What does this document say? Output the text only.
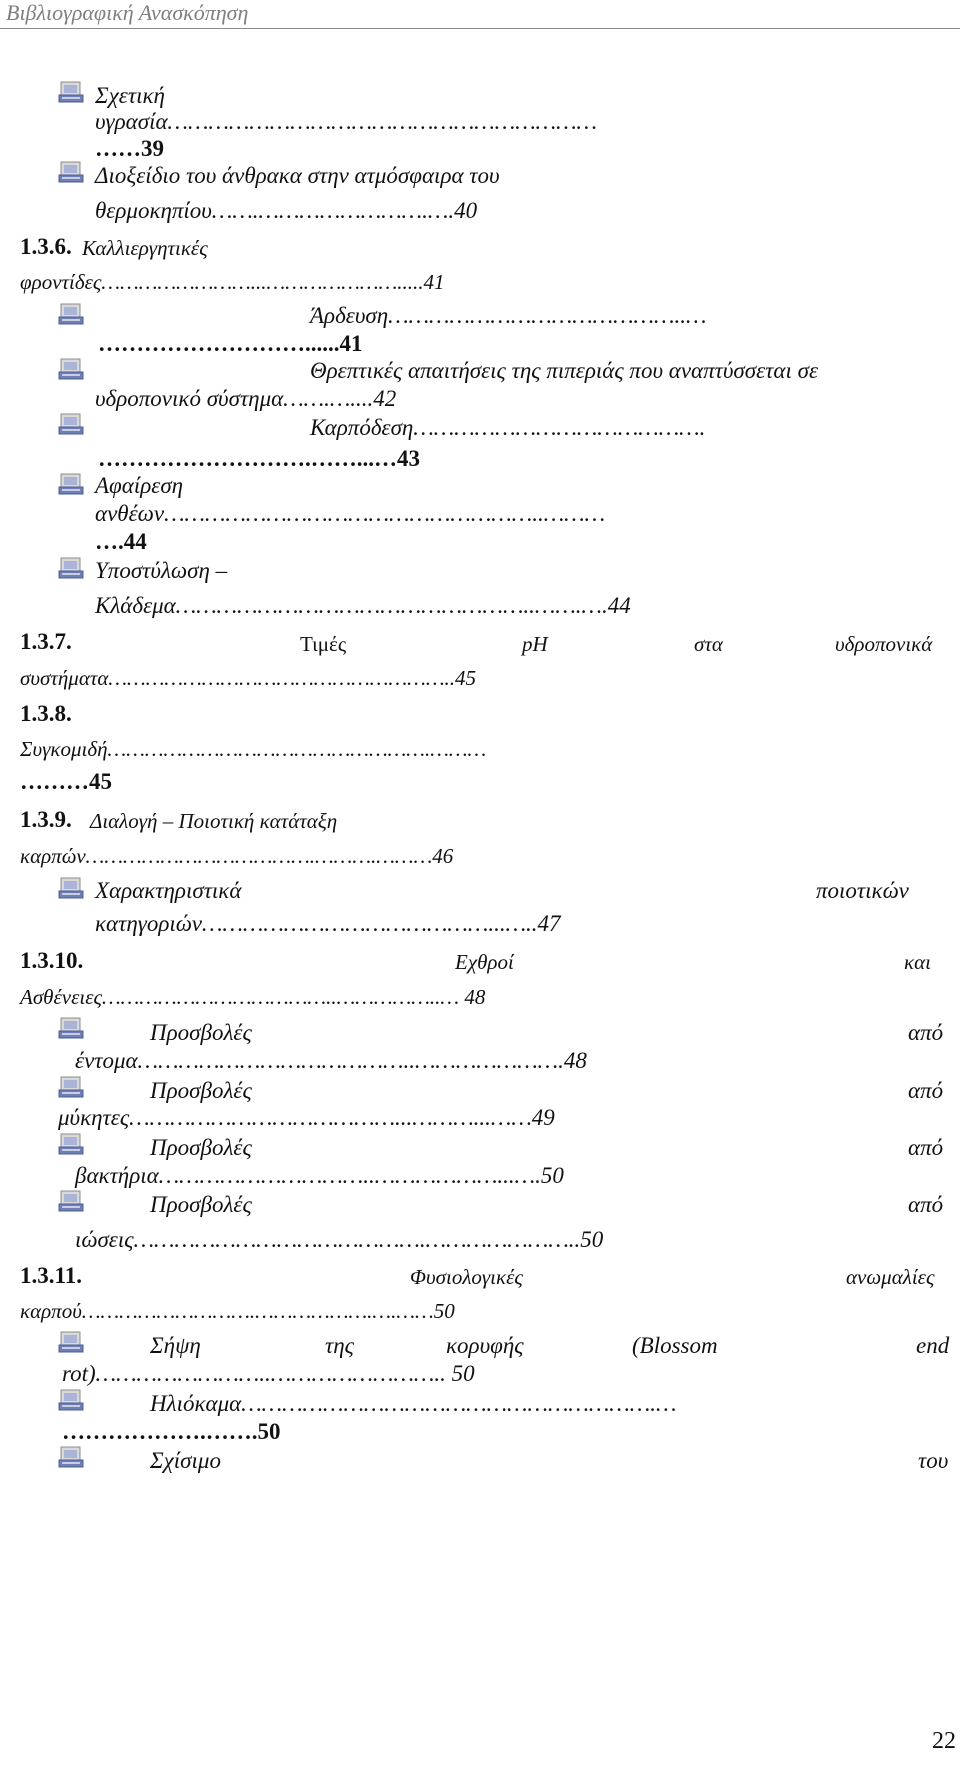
Βιβλιογραφική Ανασκόπηση
Σχετική
υγρασία………………………………………………………
……39
Διοξείδιο του άνθρακα στην ατμόσφαιρα του
θερμοκηπίου…….…………………….….40
1.3.6. Καλλιεργητικές
φροντίδες……………………...………………….....41
Άρδευση……………………………………..…
………………………......41
Θρεπτικές απαιτήσεις της πιπεριάς που αναπτύσσεται σε
υδροπονικό σύστημα…….…....42
Καρπόδεση…………………………………….
……………………….……...…43
Αφαίρεση
ανθέων………………………………………………..………
….44
Υποστύλωση –
Κλάδεμα……………………………………………..…….….44
1.3.7.	Τιμές	pH	στα	υδροπονικά
συστήματα………………………………………………..45
1.3.8.
Συγκομιδή…………………………………………….………
………45
1.3.9. Διαλογή – Ποιοτική κατάταξη
καρπών……………………………….……….………46
Χαρακτηριστικά	ποιοτικών
κατηγοριών……………………………………...…..47
1.3.10.	Εχθροί	και
Ασθένειες………………………………..……………..… 48
Προσβολές	από
έντομα…………………………………..………………….48
Προσβολές	από
μύκητες…………………………………...………...……49
Προσβολές	από
βακτήρια…………………………..………………...….50
Προσβολές	από
ιώσεις…………………………………….…………………..50
1.3.11.	Φυσιολογικές	ανωμαλίες
καρπού……………………….……………….….……50
Σήψη	της	κορυφής	(Blossom	end
rot)……………………..…………………….. 50
Ηλιόκαμα…………………………………………………….…
……………….…….50
Σχίσιμο	του
22
